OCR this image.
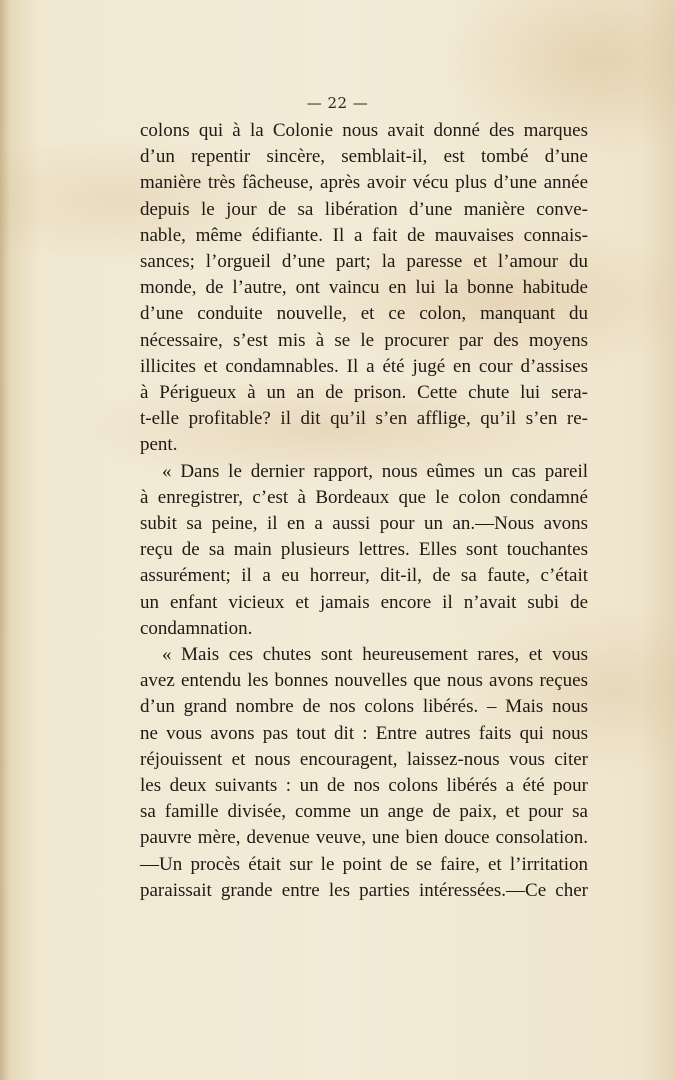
— 22 —
colons qui à la Colonie nous avait donné des marques
d’un repentir sincère, semblait-il, est tombé d’une
manière très fâcheuse, après avoir vécu plus d’une année
depuis le jour de sa libération d’une manière conve-
nable, même édifiante. Il a fait de mauvaises connais-
sances; l’orgueil d’une part; la paresse et l’amour du
monde, de l’autre, ont vaincu en lui la bonne habitude
d’une conduite nouvelle, et ce colon, manquant du
nécessaire, s’est mis à se le procurer par des moyens
illicites et condamnables. Il a été jugé en cour d’assises
à Périgueux à un an de prison. Cette chute lui sera-
t-elle profitable? il dit qu’il s’en afflige, qu’il s’en re-
pent.
« Dans le dernier rapport, nous eûmes un cas pareil
à enregistrer, c’est à Bordeaux que le colon condamné
subit sa peine, il en a aussi pour un an.—Nous avons
reçu de sa main plusieurs lettres. Elles sont touchantes
assurément; il a eu horreur, dit-il, de sa faute, c’était
un enfant vicieux et jamais encore il n’avait subi de
condamnation.
« Mais ces chutes sont heureusement rares, et vous
avez entendu les bonnes nouvelles que nous avons reçues
d’un grand nombre de nos colons libérés. – Mais nous
ne vous avons pas tout dit : Entre autres faits qui nous
réjouissent et nous encouragent, laissez-nous vous citer
les deux suivants : un de nos colons libérés a été pour
sa famille divisée, comme un ange de paix, et pour sa
pauvre mère, devenue veuve, une bien douce consolation.
—Un procès était sur le point de se faire, et l’irritation
paraissait grande entre les parties intéressées.—Ce cher
